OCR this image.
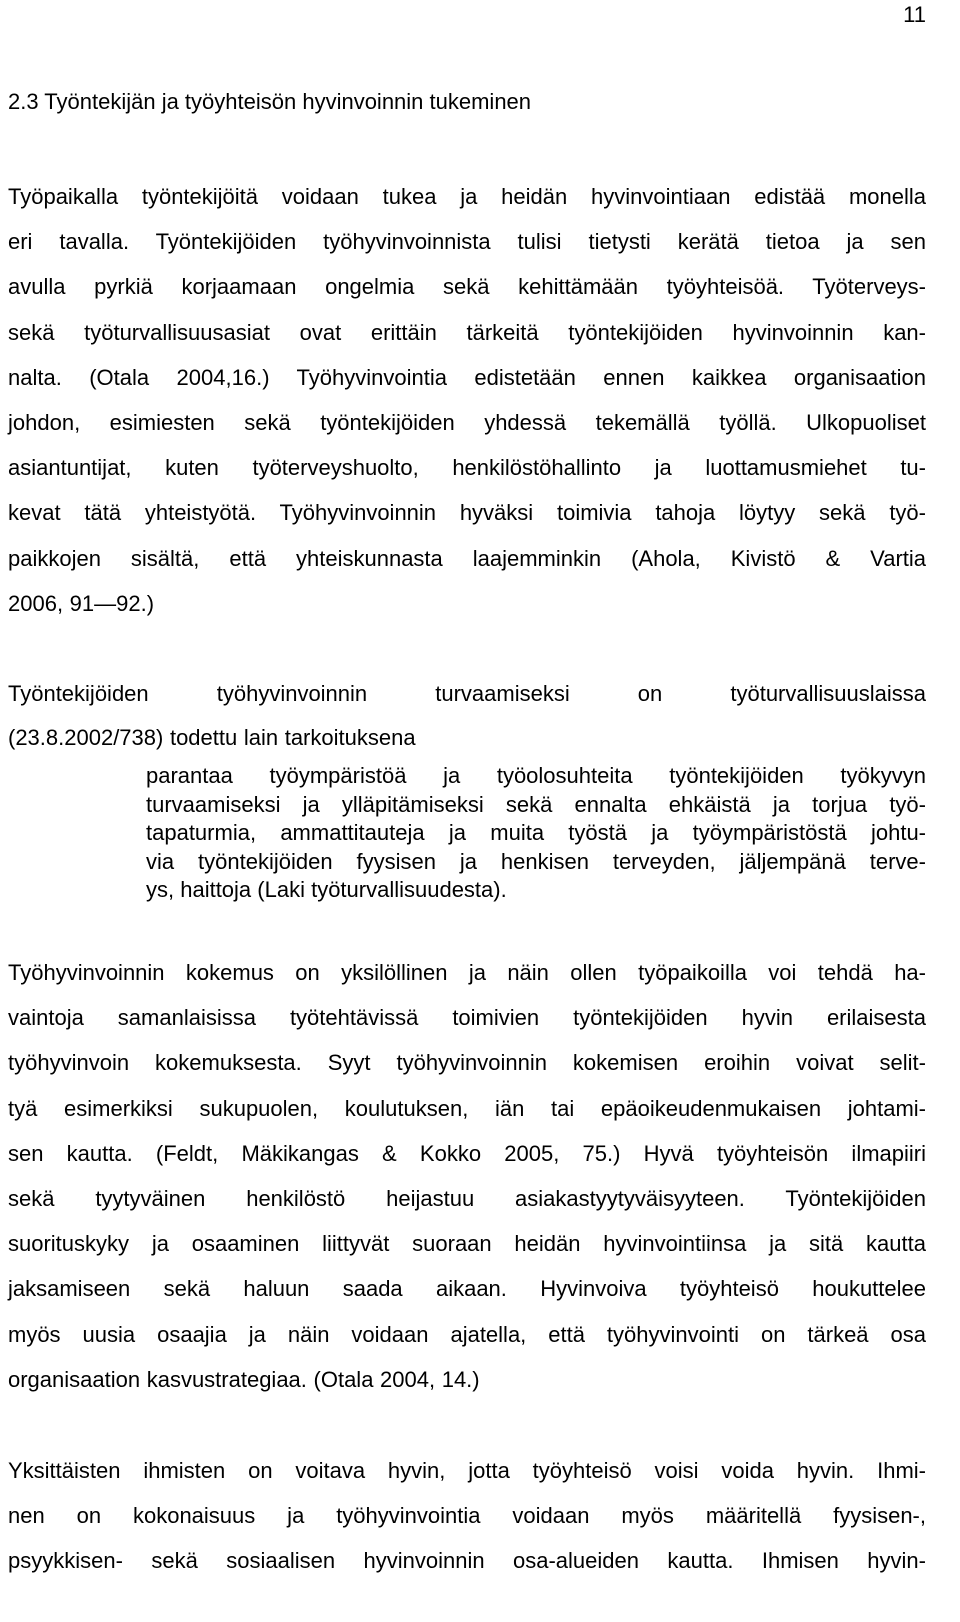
11
2.3 Työntekijän ja työyhteisön hyvinvoinnin tukeminen
Työpaikalla työntekijöitä voidaan tukea ja heidän hyvinvointiaan edistää monella
eri tavalla. Työntekijöiden työhyvinvoinnista tulisi tietysti kerätä tietoa ja sen
avulla pyrkiä korjaamaan ongelmia sekä kehittämään työyhteisöä. Työterveys-
sekä työturvallisuusasiat ovat erittäin tärkeitä työntekijöiden hyvinvoinnin kan-
nalta. (Otala 2004,16.) Työhyvinvointia edistetään ennen kaikkea organisaation
johdon, esimiesten sekä työntekijöiden yhdessä tekemällä työllä. Ulkopuoliset
asiantuntijat, kuten työterveyshuolto, henkilöstöhallinto ja luottamusmiehet tu-
kevat tätä yhteistyötä. Työhyvinvoinnin hyväksi toimivia tahoja löytyy sekä työ-
paikkojen sisältä, että yhteiskunnasta laajemminkin (Ahola, Kivistö & Vartia
2006, 91—92.)
Työntekijöiden työhyvinvoinnin turvaamiseksi on työturvallisuuslaissa
(23.8.2002/738) todettu lain tarkoituksena
parantaa työympäristöä ja työolosuhteita työntekijöiden työkyvyn
turvaamiseksi ja ylläpitämiseksi sekä ennalta ehkäistä ja torjua työ-
tapaturmia, ammattitauteja ja muita työstä ja työympäristöstä johtu-
via työntekijöiden fyysisen ja henkisen terveyden, jäljempänä terve-
ys, haittoja (Laki työturvallisuudesta).
Työhyvinvoinnin kokemus on yksilöllinen ja näin ollen työpaikoilla voi tehdä ha-
vaintoja samanlaisissa työtehtävissä toimivien työntekijöiden hyvin erilaisesta
työhyvinvoin kokemuksesta. Syyt työhyvinvoinnin kokemisen eroihin voivat selit-
tyä esimerkiksi sukupuolen, koulutuksen, iän tai epäoikeudenmukaisen johtami-
sen kautta. (Feldt, Mäkikangas & Kokko 2005, 75.) Hyvä työyhteisön ilmapiiri
sekä tyytyväinen henkilöstö heijastuu asiakastyytyväisyyteen. Työntekijöiden
suorituskyky ja osaaminen liittyvät suoraan heidän hyvinvointiinsa ja sitä kautta
jaksamiseen sekä haluun saada aikaan. Hyvinvoiva työyhteisö houkuttelee
myös uusia osaajia ja näin voidaan ajatella, että työhyvinvointi on tärkeä osa
organisaation kasvustrategiaa. (Otala 2004, 14.)
Yksittäisten ihmisten on voitava hyvin, jotta työyhteisö voisi voida hyvin. Ihmi-
nen on kokonaisuus ja työhyvinvointia voidaan myös määritellä fyysisen-,
psyykkisen- sekä sosiaalisen hyvinvoinnin osa-alueiden kautta. Ihmisen hyvin-
